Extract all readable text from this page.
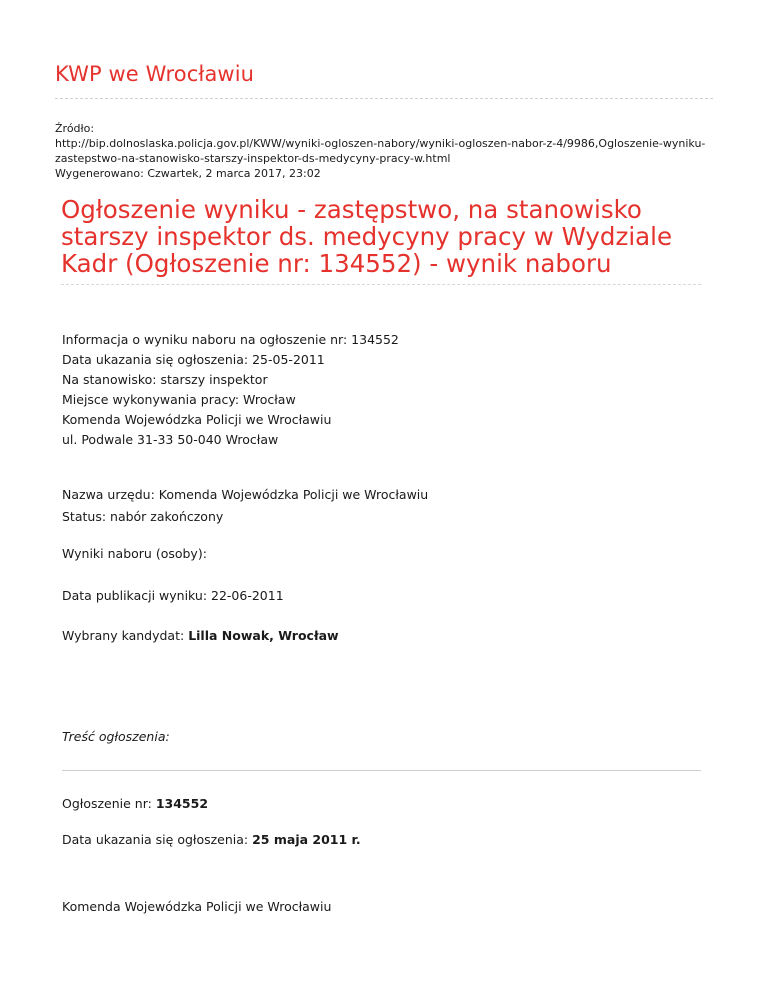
KWP we Wrocławiu
Źródło:
http://bip.dolnoslaska.policja.gov.pl/KWW/wyniki-ogloszen-nabory/wyniki-ogloszen-nabor-z-4/9986,Ogloszenie-wyniku-
zastepstwo-na-stanowisko-starszy-inspektor-ds-medycyny-pracy-w.html
Wygenerowano: Czwartek, 2 marca 2017, 23:02
Ogłoszenie wyniku - zastępstwo, na stanowisko starszy inspektor ds. medycyny pracy w Wydziale Kadr (Ogłoszenie nr: 134552) - wynik naboru
Informacja o wyniku naboru na ogłoszenie nr: 134552
Data ukazania się ogłoszenia: 25-05-2011
Na stanowisko: starszy inspektor
Miejsce wykonywania pracy: Wrocław
Komenda Wojewódzka Policji we Wrocławiu
ul. Podwale 31-33 50-040 Wrocław
Nazwa urzędu: Komenda Wojewódzka Policji we Wrocławiu
Status: nabór zakończony
Wyniki naboru (osoby):
Data publikacji wyniku: 22-06-2011
Wybrany kandydat: Lilla Nowak, Wrocław
Treść ogłoszenia:
Ogłoszenie nr: 134552
Data ukazania się ogłoszenia: 25 maja 2011 r.
Komenda Wojewódzka Policji we Wrocławiu
